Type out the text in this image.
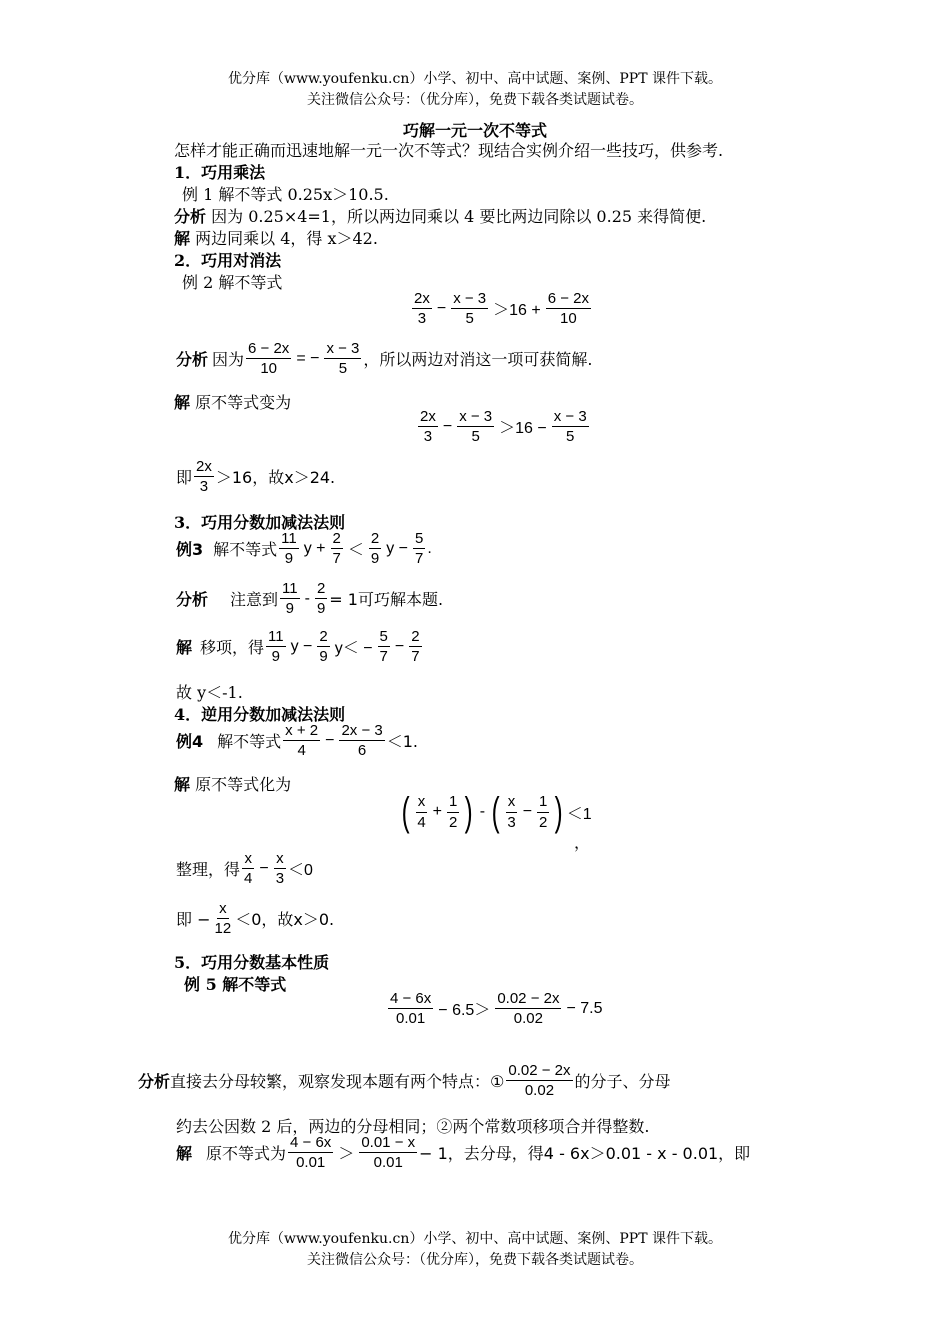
优分库（www.youfenku.cn）小学、初中、高中试题、案例、PPT 课件下载。
关注微信公众号：（优分库），免费下载各类试题试卷。
巧解一元一次不等式
怎样才能正确而迅速地解一元一次不等式？现结合实例介绍一些技巧，供参考.
1．巧用乘法
例 1 解不等式 0.25x＞10.5.
分析 因为 0.25×4=1，所以两边同乘以 4 要比两边同除以 0.25 来得简便.
解 两边同乘以 4，得 x＞42.
2．巧用对消法
例 2 解不等式
$\frac{2x}{3} - \frac{x - 3}{5} >16 + \frac{6 - 2x}{10}$
分析 因为 $\frac{6 - 2x}{10}$ = − $\frac{x - 3}{5}$ ，所以两边对消这一项可获简解.
解 原不等式变为
$\frac{2x}{3} - \frac{x - 3}{5} >16 - \frac{x - 3}{5}$
即 $\frac{2x}{3} >16$，故x＞24.
3．巧用分数加减法法则
例3 解不等式 $\frac{11}{9}$ $y + \frac{2}{7} < \frac{2}{9}$ $y - \frac{5}{7}$ .
分析 注意到 $\frac{11}{9} - \frac{2}{9} = 1$可巧解本题.
解 移项，得 $\frac{11}{9}$ $y - \frac{2}{9} y< - \frac{5}{7} - \frac{2}{7}$
故 y＜-1.
4．逆用分数加减法法则
例4 解不等式 $\frac{x + 2}{4} - \frac{2x - 3}{6} <1$.
解 原不等式化为
( $\frac{x}{4} + \frac{1}{2}$ ) - ( $\frac{x}{3} - \frac{1}{2}$ ) ＜1
，
整理，得 $\frac{x}{4} - \frac{x}{3} <0$
即 − $\frac{x}{12} <0$，故x＞0.
5．巧用分数基本性质
例 5 解不等式
$\frac{4 - 6x}{0.01} - 6.5> \frac{0.02 - 2x}{0.02} - 7.5$
分析 直接去分母较繁，观察发现本题有两个特点：① $\frac{0.02 - 2x}{0.02}$ 的分子、分母
约去公因数 2 后，两边的分母相同；②两个常数项移项合并得整数.
解 原不等式为 $\frac{4 - 6x}{0.01} > \frac{0.01 - x}{0.01} - 1$，去分母，得4 - 6x＞0.01 - x - 0.01，即
优分库（www.youfenku.cn）小学、初中、高中试题、案例、PPT 课件下载。
关注微信公众号：（优分库），免费下载各类试题试卷。
